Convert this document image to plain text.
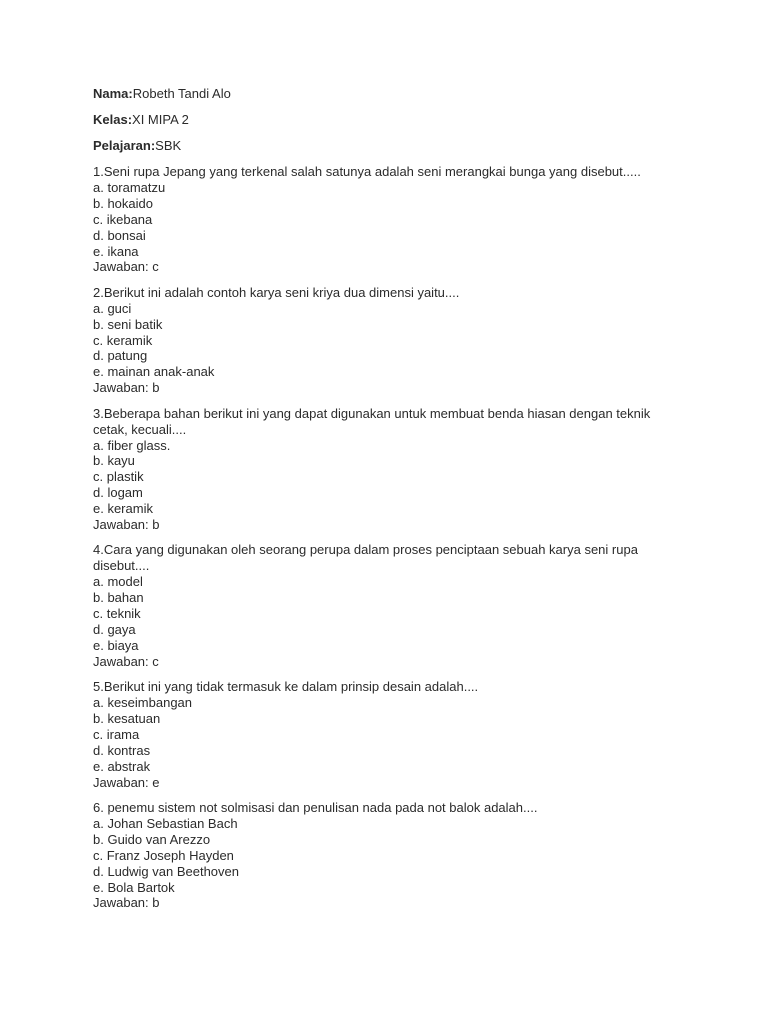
Nama:Robeth Tandi Alo
Kelas:XI MIPA 2
Pelajaran:SBK
1.Seni rupa Jepang yang terkenal salah satunya adalah seni merangkai bunga yang disebut.....
a. toramatzu
b. hokaido
c. ikebana
d. bonsai
e. ikana
Jawaban: c
2.Berikut ini adalah contoh karya seni kriya dua dimensi yaitu....
a. guci
b. seni batik
c. keramik
d. patung
e. mainan anak-anak
Jawaban: b
3.Beberapa bahan berikut ini yang dapat digunakan untuk membuat benda hiasan dengan teknik
cetak, kecuali....
a. fiber glass.
b. kayu
c. plastik
d. logam
e. keramik
Jawaban: b
4.Cara yang digunakan oleh seorang perupa dalam proses penciptaan sebuah karya seni rupa
disebut....
a. model
b. bahan
c. teknik
d. gaya
e. biaya
Jawaban: c
5.Berikut ini yang tidak termasuk ke dalam prinsip desain adalah....
a. keseimbangan
b. kesatuan
c. irama
d. kontras
e. abstrak
Jawaban: e
6. penemu sistem not solmisasi dan penulisan nada pada not balok adalah....
a. Johan Sebastian Bach
b. Guido van Arezzo
c. Franz Joseph Hayden
d. Ludwig van Beethoven
e. Bola Bartok
Jawaban: b
